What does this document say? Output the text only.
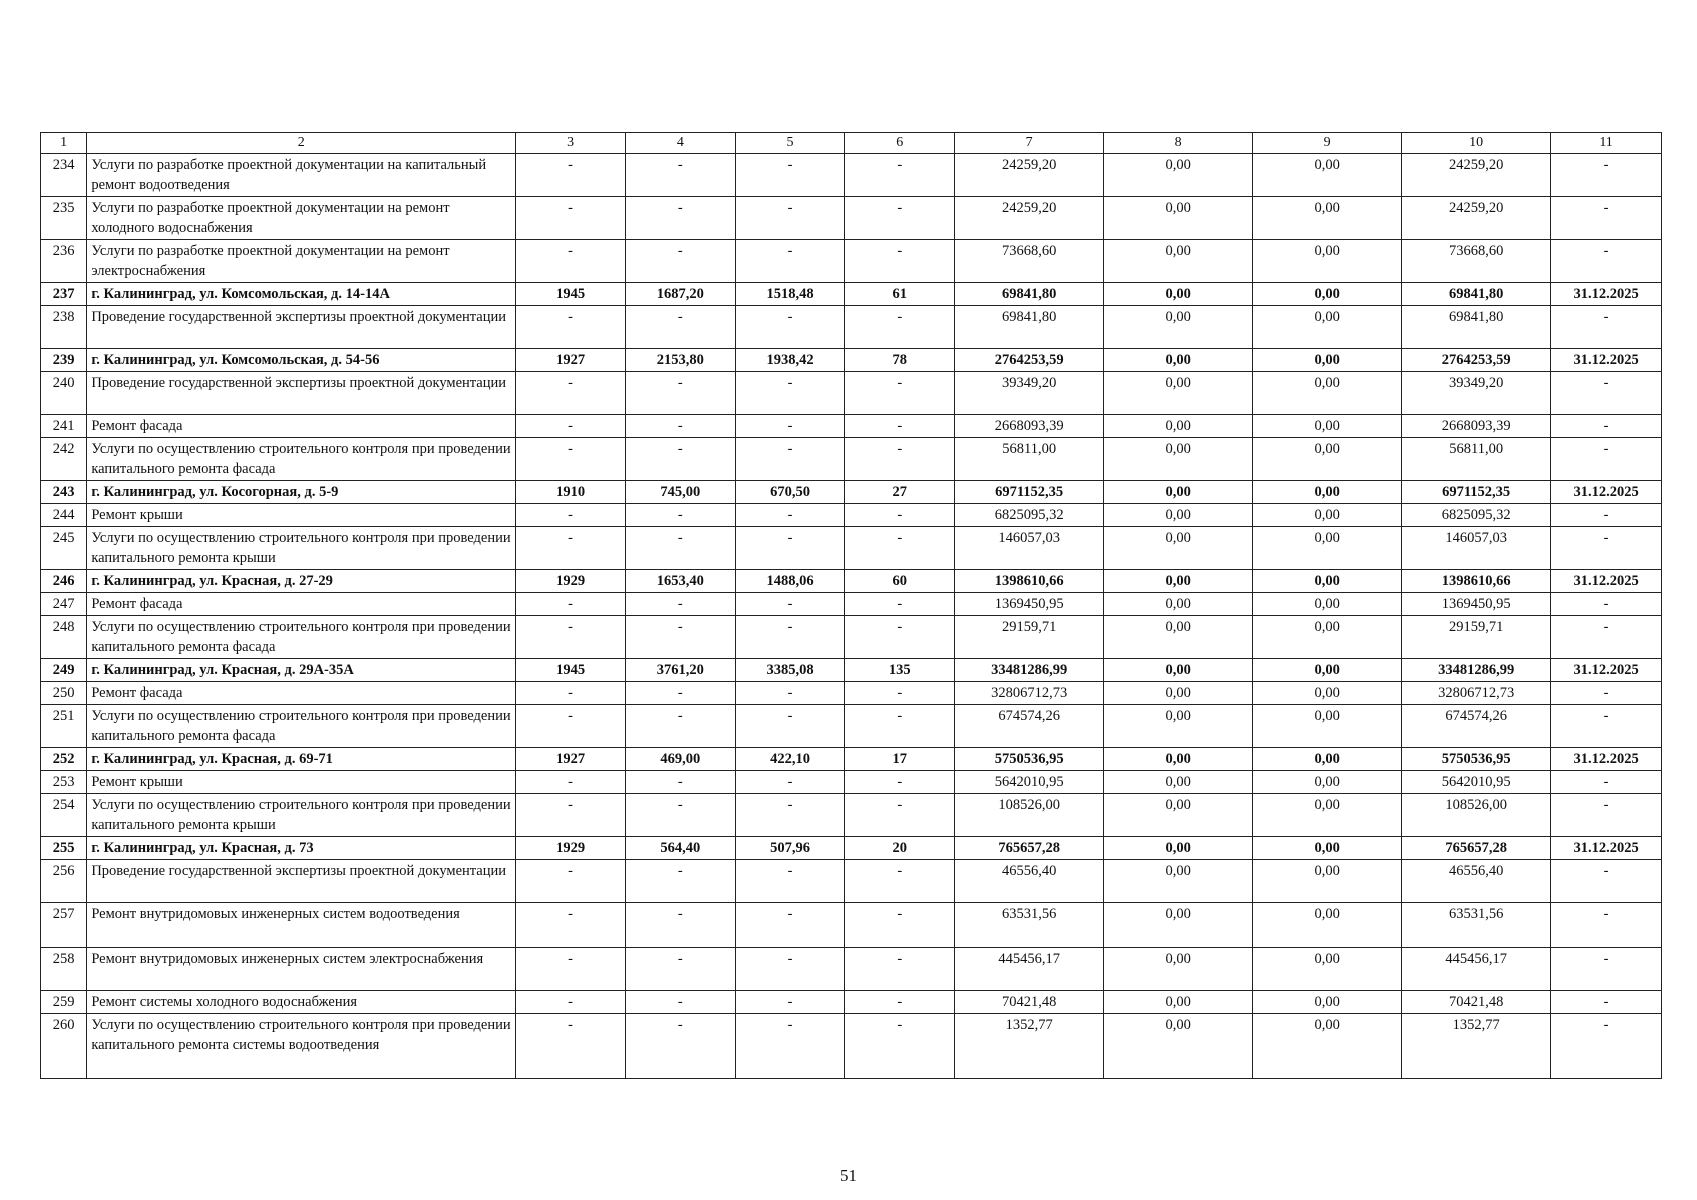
1	2	3	4	5	6	7	8	9	10	11
234	Услуги по разработке проектной документации на капитальный ремонт водоотведения	-	-	-	-	24259,20	0,00	0,00	24259,20	-
235	Услуги по разработке проектной документации на ремонт холодного водоснабжения	-	-	-	-	24259,20	0,00	0,00	24259,20	-
236	Услуги по разработке проектной документации на ремонт электроснабжения	-	-	-	-	73668,60	0,00	0,00	73668,60	-
237	г. Калининград, ул. Комсомольская, д. 14-14А	1945	1687,20	1518,48	61	69841,80	0,00	0,00	69841,80	31.12.2025
238	Проведение государственной экспертизы проектной документации	-	-	-	-	69841,80	0,00	0,00	69841,80	-
239	г. Калининград, ул. Комсомольская, д. 54-56	1927	2153,80	1938,42	78	2764253,59	0,00	0,00	2764253,59	31.12.2025
240	Проведение государственной экспертизы проектной документации	-	-	-	-	39349,20	0,00	0,00	39349,20	-
241	Ремонт фасада	-	-	-	-	2668093,39	0,00	0,00	2668093,39	-
242	Услуги по осуществлению строительного контроля при проведении капитального ремонта фасада	-	-	-	-	56811,00	0,00	0,00	56811,00	-
243	г. Калининград, ул. Косогорная, д. 5-9	1910	745,00	670,50	27	6971152,35	0,00	0,00	6971152,35	31.12.2025
244	Ремонт крыши	-	-	-	-	6825095,32	0,00	0,00	6825095,32	-
245	Услуги по осуществлению строительного контроля при проведении капитального ремонта крыши	-	-	-	-	146057,03	0,00	0,00	146057,03	-
246	г. Калининград, ул. Красная, д. 27-29	1929	1653,40	1488,06	60	1398610,66	0,00	0,00	1398610,66	31.12.2025
247	Ремонт фасада	-	-	-	-	1369450,95	0,00	0,00	1369450,95	-
248	Услуги по осуществлению строительного контроля при проведении капитального ремонта фасада	-	-	-	-	29159,71	0,00	0,00	29159,71	-
249	г. Калининград, ул. Красная, д. 29А-35А	1945	3761,20	3385,08	135	33481286,99	0,00	0,00	33481286,99	31.12.2025
250	Ремонт фасада	-	-	-	-	32806712,73	0,00	0,00	32806712,73	-
251	Услуги по осуществлению строительного контроля при проведении капитального ремонта фасада	-	-	-	-	674574,26	0,00	0,00	674574,26	-
252	г. Калининград, ул. Красная, д. 69-71	1927	469,00	422,10	17	5750536,95	0,00	0,00	5750536,95	31.12.2025
253	Ремонт крыши	-	-	-	-	5642010,95	0,00	0,00	5642010,95	-
254	Услуги по осуществлению строительного контроля при проведении капитального ремонта крыши	-	-	-	-	108526,00	0,00	0,00	108526,00	-
255	г. Калининград, ул. Красная, д. 73	1929	564,40	507,96	20	765657,28	0,00	0,00	765657,28	31.12.2025
256	Проведение государственной экспертизы проектной документации	-	-	-	-	46556,40	0,00	0,00	46556,40	-
257	Ремонт внутридомовых инженерных систем водоотведения	-	-	-	-	63531,56	0,00	0,00	63531,56	-
258	Ремонт внутридомовых инженерных систем электроснабжения	-	-	-	-	445456,17	0,00	0,00	445456,17	-
259	Ремонт системы холодного водоснабжения	-	-	-	-	70421,48	0,00	0,00	70421,48	-
260	Услуги по осуществлению строительного контроля при проведении капитального ремонта системы водоотведения	-	-	-	-	1352,77	0,00	0,00	1352,77	-
51
